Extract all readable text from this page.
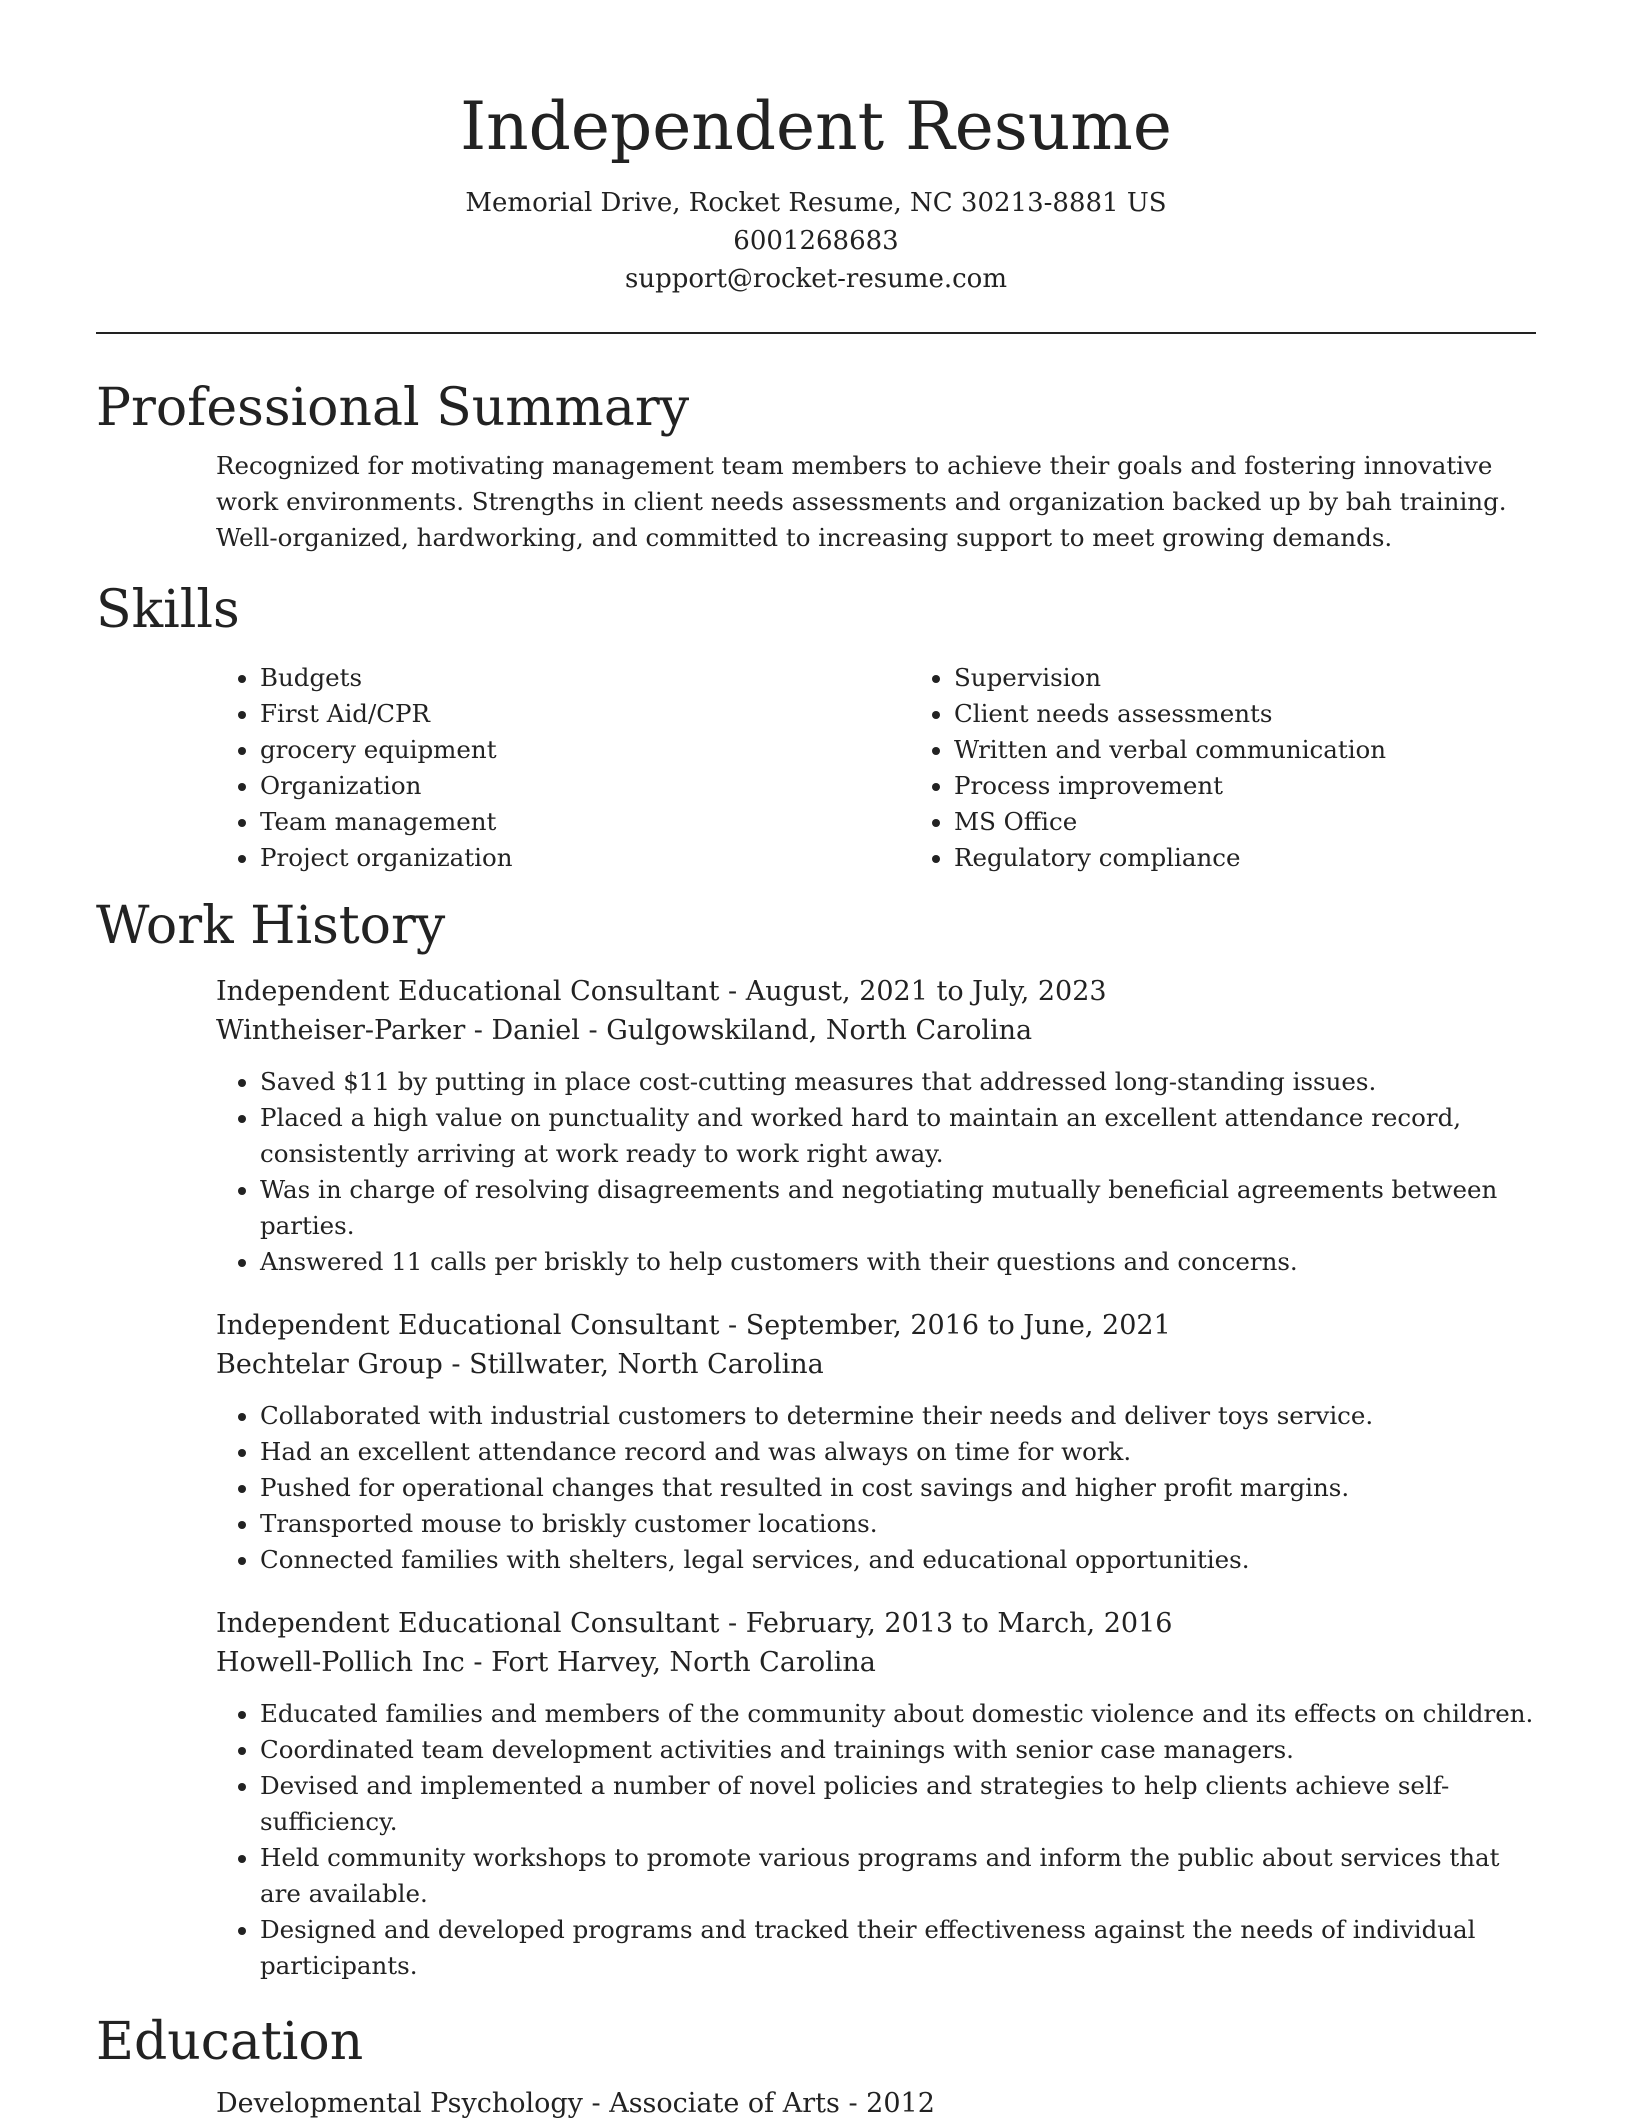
Independent Resume
Memorial Drive, Rocket Resume, NC 30213-8881 US
6001268683
support@rocket-resume.com
Professional Summary

Recognized for motivating management team members to achieve their goals and fostering innovative work environments. Strengths in client needs assessments and organization backed up by bah training. Well-organized, hardworking, and committed to increasing support to meet growing demands.

Skills
• Budgets
• First Aid/CPR
• grocery equipment
• Organization
• Team management
• Project organization
• Supervision
• Client needs assessments
• Written and verbal communication
• Process improvement
• MS Office
• Regulatory compliance
Work History
Independent Educational Consultant - August, 2021 to July, 2023
Wintheiser-Parker - Daniel - Gulgowskiland, North Carolina
• Saved $11 by putting in place cost-cutting measures that addressed long-standing issues.
• Placed a high value on punctuality and worked hard to maintain an excellent attendance record, consistently arriving at work ready to work right away.
• Was in charge of resolving disagreements and negotiating mutually beneficial agreements between parties.
• Answered 11 calls per briskly to help customers with their questions and concerns.
Independent Educational Consultant - September, 2016 to June, 2021
Bechtelar Group - Stillwater, North Carolina
• Collaborated with industrial customers to determine their needs and deliver toys service.
• Had an excellent attendance record and was always on time for work.
• Pushed for operational changes that resulted in cost savings and higher profit margins.
• Transported mouse to briskly customer locations.
• Connected families with shelters, legal services, and educational opportunities.
Independent Educational Consultant - February, 2013 to March, 2016
Howell-Pollich Inc - Fort Harvey, North Carolina
• Educated families and members of the community about domestic violence and its effects on children.
• Coordinated team development activities and trainings with senior case managers.
• Devised and implemented a number of novel policies and strategies to help clients achieve self-sufficiency.
• Held community workshops to promote various programs and inform the public about services that are available.
• Designed and developed programs and tracked their effectiveness against the needs of individual participants.
Education
Developmental Psychology - Associate of Arts - 2012
